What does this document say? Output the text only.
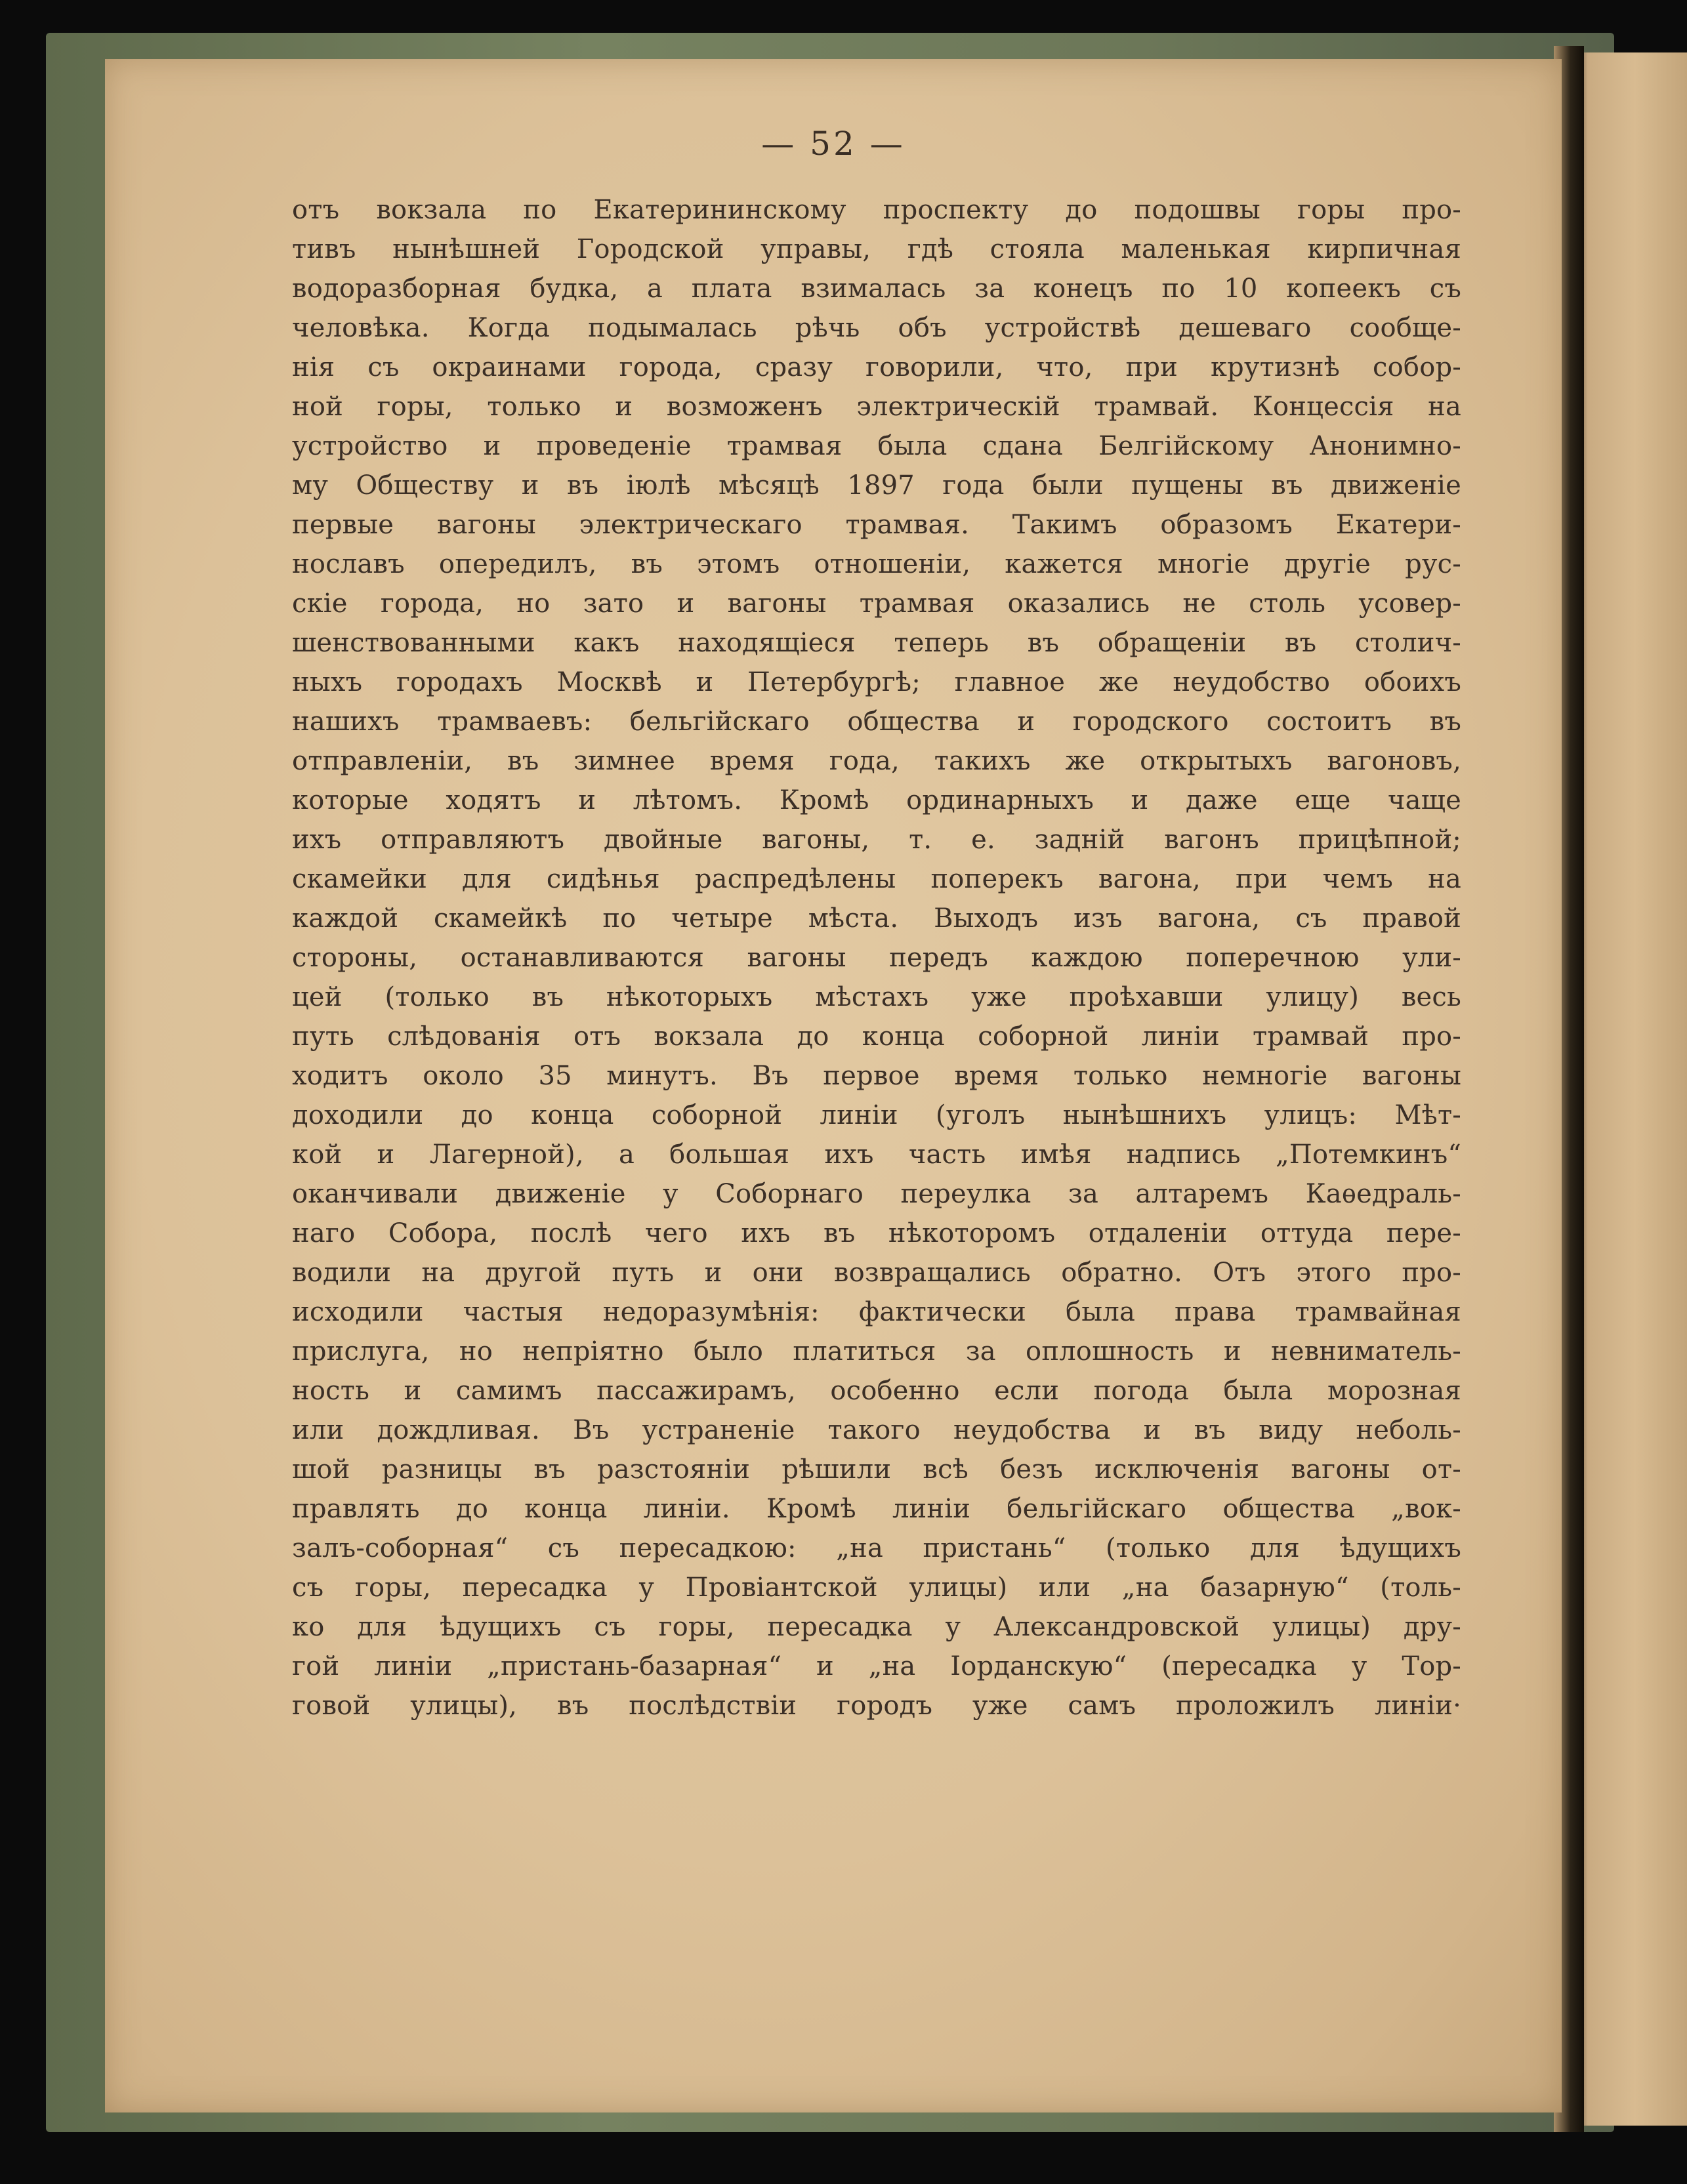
— 52 —
отъ вокзала по Екатерининскому проспекту до подошвы горы про-
тивъ нынѣшней Городской управы, гдѣ стояла маленькая кирпичная
водоразборная будка, а плата взималась за конецъ по 10 копеекъ съ
человѣка. Когда подымалась рѣчь объ устройствѣ дешеваго сообще-
нія съ окраинами города, сразу говорили, что, при крутизнѣ собор-
ной горы, только и возможенъ электрическій трамвай. Концессія на
устройство и проведеніе трамвая была сдана Белгійскому Анонимно-
му Обществу и въ іюлѣ мѣсяцѣ 1897 года были пущены въ движеніе
первые вагоны электрическаго трамвая. Такимъ образомъ Екатери-
нославъ опередилъ, въ этомъ отношеніи, кажется многіе другіе рус-
скіе города, но зато и вагоны трамвая оказались не столь усовер-
шенствованными какъ находящіеся теперь въ обращеніи въ столич-
ныхъ городахъ Москвѣ и Петербургѣ; главное же неудобство обоихъ
нашихъ трамваевъ: бельгійскаго общества и городского состоитъ въ
отправленіи, въ зимнее время года, такихъ же открытыхъ вагоновъ,
которые ходятъ и лѣтомъ. Кромѣ ординарныхъ и даже еще чаще
ихъ отправляютъ двойные вагоны, т. е. задній вагонъ прицѣпной;
скамейки для сидѣнья распредѣлены поперекъ вагона, при чемъ на
каждой скамейкѣ по четыре мѣста. Выходъ изъ вагона, съ правой
стороны, останавливаются вагоны передъ каждою поперечною ули-
цей (только въ нѣкоторыхъ мѣстахъ уже проѣхавши улицу) весь
путь слѣдованія отъ вокзала до конца соборной линіи трамвай про-
ходитъ около 35 минутъ. Въ первое время только немногіе вагоны
доходили до конца соборной линіи (уголъ нынѣшнихъ улицъ: Мѣт-
кой и Лагерной), а большая ихъ часть имѣя надпись „Потемкинъ“
оканчивали движеніе у Соборнаго переулка за алтаремъ Каѳедраль-
наго Собора, послѣ чего ихъ въ нѣкоторомъ отдаленіи оттуда пере-
водили на другой путь и они возвращались обратно. Отъ этого про-
исходили частыя недоразумѣнія: фактически была права трамвайная
прислуга, но непріятно было платиться за оплошность и невниматель-
ность и самимъ пассажирамъ, особенно если погода была морозная
или дождливая. Въ устраненіе такого неудобства и въ виду неболь-
шой разницы въ разстояніи рѣшили всѣ безъ исключенія вагоны от-
правлять до конца линіи. Кромѣ линіи бельгійскаго общества „вок-
залъ-соборная“ съ пересадкою: „на пристань“ (только для ѣдущихъ
съ горы, пересадка у Провіантской улицы) или „на базарную“ (толь-
ко для ѣдущихъ съ горы, пересадка у Александровской улицы) дру-
гой линіи „пристань-базарная“ и „на Іорданскую“ (пересадка у Тор-
говой улицы), въ послѣдствіи городъ уже самъ проложилъ линіи·
